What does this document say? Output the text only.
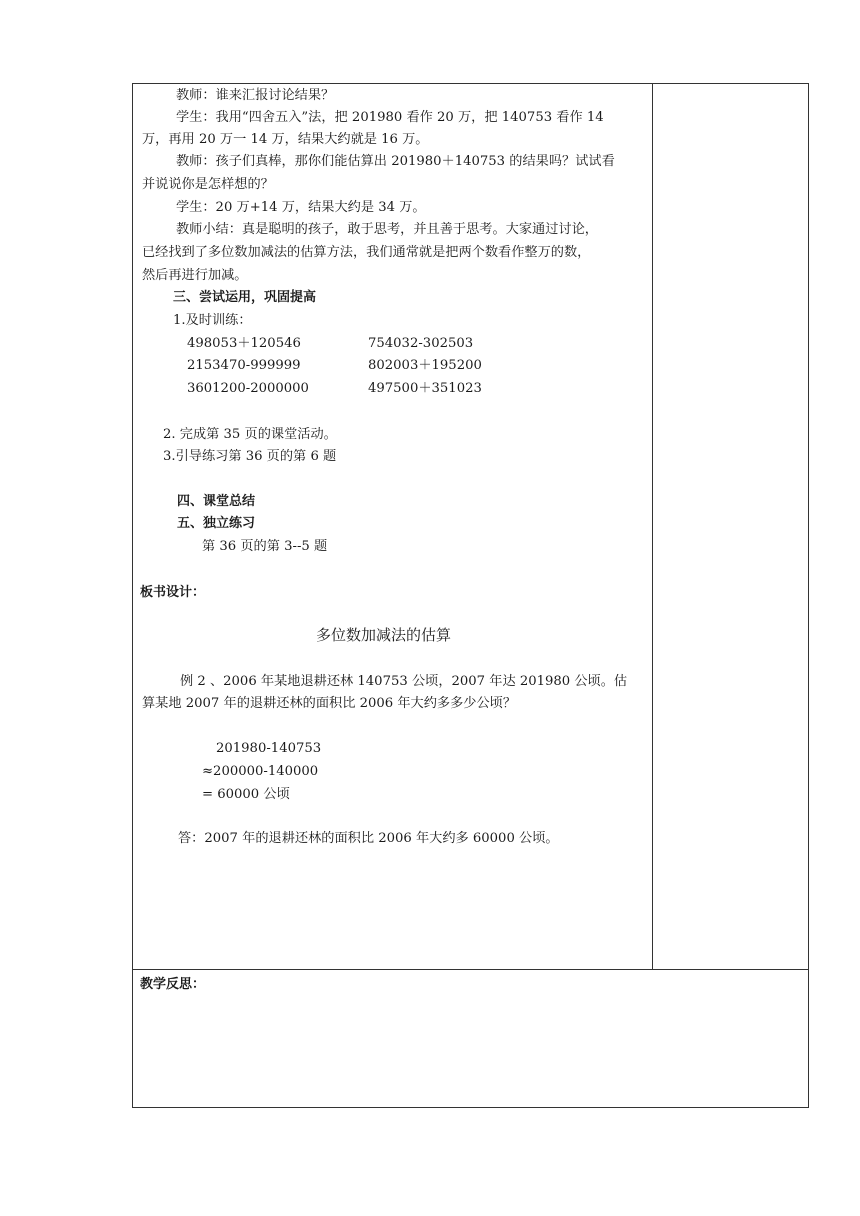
教师：谁来汇报讨论结果？
学生：我用“四舍五入”法，把 201980 看作 20 万，把 140753 看作 14
万，再用 20 万一 14 万，结果大约就是 16 万。
教师：孩子们真棒，那你们能估算出 201980＋140753 的结果吗？试试看
并说说你是怎样想的？
学生：20 万+14 万，结果大约是 34 万。
教师小结：真是聪明的孩子，敢于思考，并且善于思考。大家通过讨论，
已经找到了多位数加减法的估算方法，我们通常就是把两个数看作整万的数，
然后再进行加减。
三、尝试运用，巩固提高
1.及时训练：
498053＋120546	754032-302503
2153470-999999	802003＋195200
3601200-2000000	497500＋351023
2. 完成第 35 页的课堂活动。
3.引导练习第 36 页的第 6 题
四、课堂总结
五、独立练习
第 36 页的第 3--5 题
板书设计：
多位数加减法的估算
例 2 、2006 年某地退耕还林 140753 公顷，2007 年达 201980 公顷。估
算某地 2007 年的退耕还林的面积比 2006 年大约多多少公顷？
201980-140753
≈200000-140000
= 60000 公顷
答：2007 年的退耕还林的面积比 2006 年大约多 60000 公顷。
教学反思：
